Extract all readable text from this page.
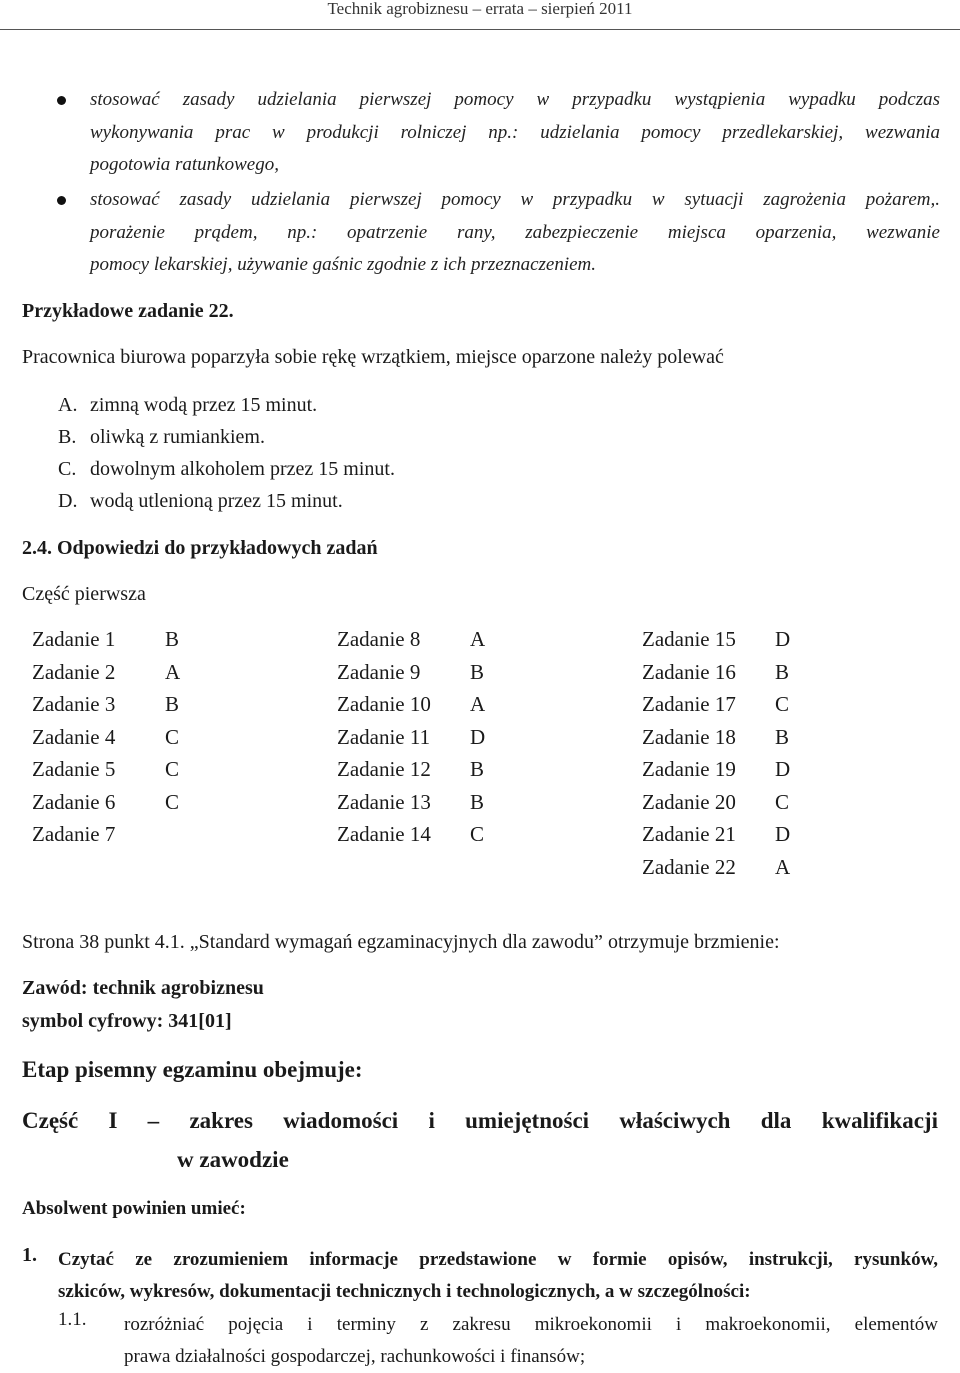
Technik agrobiznesu – errata – sierpień 2011
stosować zasady udzielania pierwszej pomocy w przypadku wystąpienia wypadku podczas
wykonywania prac w produkcji rolniczej np.: udzielania pomocy przedlekarskiej, wezwania
pogotowia ratunkowego,
stosować zasady udzielania pierwszej pomocy w przypadku w sytuacji zagrożenia pożarem,.
porażenie prądem, np.: opatrzenie rany, zabezpieczenie miejsca oparzenia, wezwanie
pomocy lekarskiej, używanie gaśnic zgodnie z ich przeznaczeniem.
Przykładowe zadanie 22.
Pracownica biurowa poparzyła sobie rękę wrzątkiem, miejsce oparzone należy polewać
A. zimną wodą przez 15 minut.
B. oliwką z rumiankiem.
C. dowolnym alkoholem przez 15 minut.
D. wodą utlenioną przez 15 minut.
2.4. Odpowiedzi do przykładowych zadań
Część pierwsza
Zadanie 1 B
Zadanie 2 A
Zadanie 3 B
Zadanie 4 C
Zadanie 5 C
Zadanie 6 C
Zadanie 7
Zadanie 8 A
Zadanie 9 B
Zadanie 10 A
Zadanie 11 D
Zadanie 12 B
Zadanie 13 B
Zadanie 14 C
Zadanie 15 D
Zadanie 16 B
Zadanie 17 C
Zadanie 18 B
Zadanie 19 D
Zadanie 20 C
Zadanie 21 D
Zadanie 22 A
Strona 38 punkt 4.1. „Standard wymagań egzaminacyjnych dla zawodu” otrzymuje brzmienie:
Zawód: technik agrobiznesu
symbol cyfrowy: 341[01]
Etap pisemny egzaminu obejmuje:
Część I – zakres wiadomości i umiejętności właściwych dla kwalifikacji
w zawodzie
Absolwent powinien umieć:
1. Czytać ze zrozumieniem informacje przedstawione w formie opisów, instrukcji, rysunków,
szkiców, wykresów, dokumentacji technicznych i technologicznych, a w szczególności:
1.1. rozróżniać pojęcia i terminy z zakresu mikroekonomii i makroekonomii, elementów
prawa działalności gospodarczej, rachunkowości i finansów;
